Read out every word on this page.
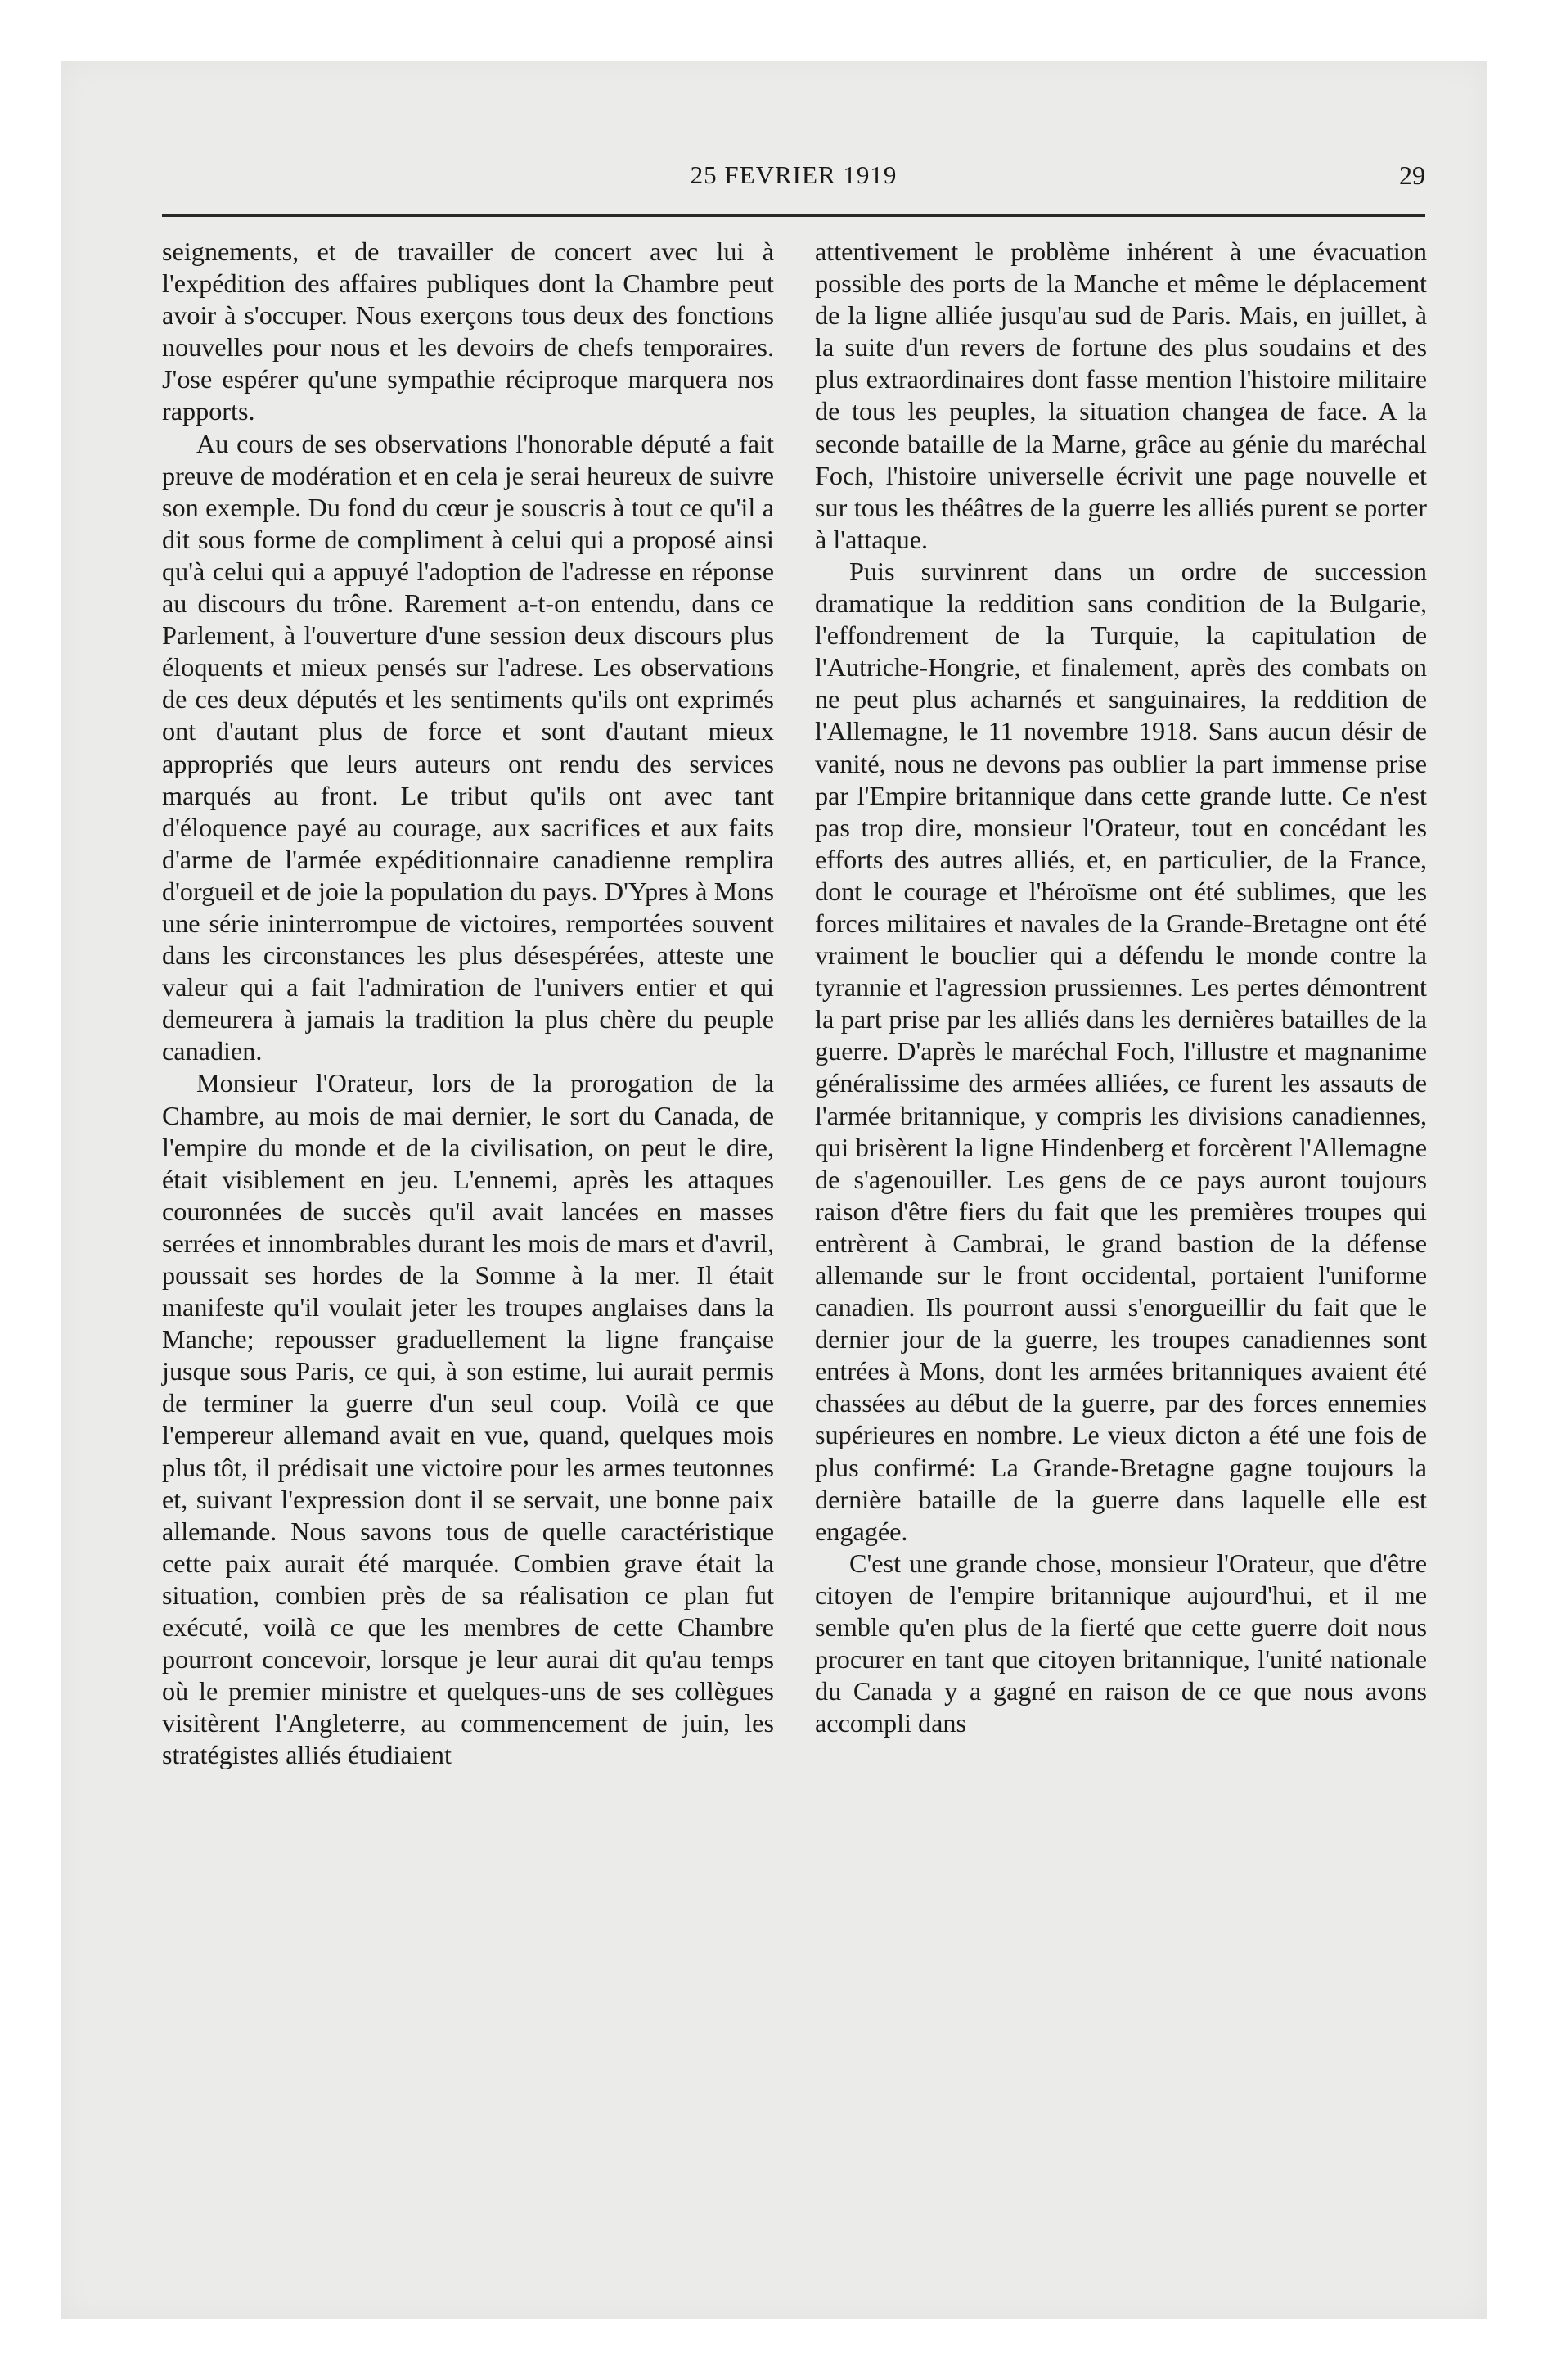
25 FEVRIER 1919	29

seignements, et de travailler de concert avec lui à l'expédition des affaires publiques dont la Chambre peut avoir à s'occuper. Nous exerçons tous deux des fonctions nouvelles pour nous et les devoirs de chefs temporaires. J'ose espérer qu'une sympathie réciproque marquera nos rapports.

Au cours de ses observations l'honorable député a fait preuve de modération et en cela je serai heureux de suivre son exemple. Du fond du cœur je souscris à tout ce qu'il a dit sous forme de compliment à celui qui a proposé ainsi qu'à celui qui a appuyé l'adoption de l'adresse en réponse au discours du trône. Rarement a-t-on entendu, dans ce Parlement, à l'ouverture d'une session deux discours plus éloquents et mieux pensés sur l'adrese. Les observations de ces deux députés et les sentiments qu'ils ont exprimés ont d'autant plus de force et sont d'autant mieux appropriés que leurs auteurs ont rendu des services marqués au front. Le tribut qu'ils ont avec tant d'éloquence payé au courage, aux sacrifices et aux faits d'arme de l'armée expéditionnaire canadienne remplira d'orgueil et de joie la population du pays. D'Ypres à Mons une série ininterrompue de victoires, remportées souvent dans les circonstances les plus désespérées, atteste une valeur qui a fait l'admiration de l'univers entier et qui demeurera à jamais la tradition la plus chère du peuple canadien.

Monsieur l'Orateur, lors de la prorogation de la Chambre, au mois de mai dernier, le sort du Canada, de l'empire du monde et de la civilisation, on peut le dire, était visiblement en jeu. L'ennemi, après les attaques couronnées de succès qu'il avait lancées en masses serrées et innombrables durant les mois de mars et d'avril, poussait ses hordes de la Somme à la mer. Il était manifeste qu'il voulait jeter les troupes anglaises dans la Manche; repousser graduellement la ligne française jusque sous Paris, ce qui, à son estime, lui aurait permis de terminer la guerre d'un seul coup. Voilà ce que l'empereur allemand avait en vue, quand, quelques mois plus tôt, il prédisait une victoire pour les armes teutonnes et, suivant l'expression dont il se servait, une bonne paix allemande. Nous savons tous de quelle caractéristique cette paix aurait été marquée. Combien grave était la situation, combien près de sa réalisation ce plan fut exécuté, voilà ce que les membres de cette Chambre pourront concevoir, lorsque je leur aurai dit qu'au temps où le premier ministre et quelques-uns de ses collègues visitèrent l'Angleterre, au commencement de juin, les stratégistes alliés étudiaient

attentivement le problème inhérent à une évacuation possible des ports de la Manche et même le déplacement de la ligne alliée jusqu'au sud de Paris. Mais, en juillet, à la suite d'un revers de fortune des plus soudains et des plus extraordinaires dont fasse mention l'histoire militaire de tous les peuples, la situation changea de face. A la seconde bataille de la Marne, grâce au génie du maréchal Foch, l'histoire universelle écrivit une page nouvelle et sur tous les théâtres de la guerre les alliés purent se porter à l'attaque.

Puis survinrent dans un ordre de succession dramatique la reddition sans condition de la Bulgarie, l'effondrement de la Turquie, la capitulation de l'Autriche-Hongrie, et finalement, après des combats on ne peut plus acharnés et sanguinaires, la reddition de l'Allemagne, le 11 novembre 1918. Sans aucun désir de vanité, nous ne devons pas oublier la part immense prise par l'Empire britannique dans cette grande lutte. Ce n'est pas trop dire, monsieur l'Orateur, tout en concédant les efforts des autres alliés, et, en particulier, de la France, dont le courage et l'héroïsme ont été sublimes, que les forces militaires et navales de la Grande-Bretagne ont été vraiment le bouclier qui a défendu le monde contre la tyrannie et l'agression prussiennes. Les pertes démontrent la part prise par les alliés dans les dernières batailles de la guerre. D'après le maréchal Foch, l'illustre et magnanime généralissime des armées alliées, ce furent les assauts de l'armée britannique, y compris les divisions canadiennes, qui brisèrent la ligne Hindenberg et forcèrent l'Allemagne de s'agenouiller. Les gens de ce pays auront toujours raison d'être fiers du fait que les premières troupes qui entrèrent à Cambrai, le grand bastion de la défense allemande sur le front occidental, portaient l'uniforme canadien. Ils pourront aussi s'enorgueillir du fait que le dernier jour de la guerre, les troupes canadiennes sont entrées à Mons, dont les armées britanniques avaient été chassées au début de la guerre, par des forces ennemies supérieures en nombre. Le vieux dicton a été une fois de plus confirmé: La Grande-Bretagne gagne toujours la dernière bataille de la guerre dans laquelle elle est engagée.

C'est une grande chose, monsieur l'Orateur, que d'être citoyen de l'empire britannique aujourd'hui, et il me semble qu'en plus de la fierté que cette guerre doit nous procurer en tant que citoyen britannique, l'unité nationale du Canada y a gagné en raison de ce que nous avons accompli dans
